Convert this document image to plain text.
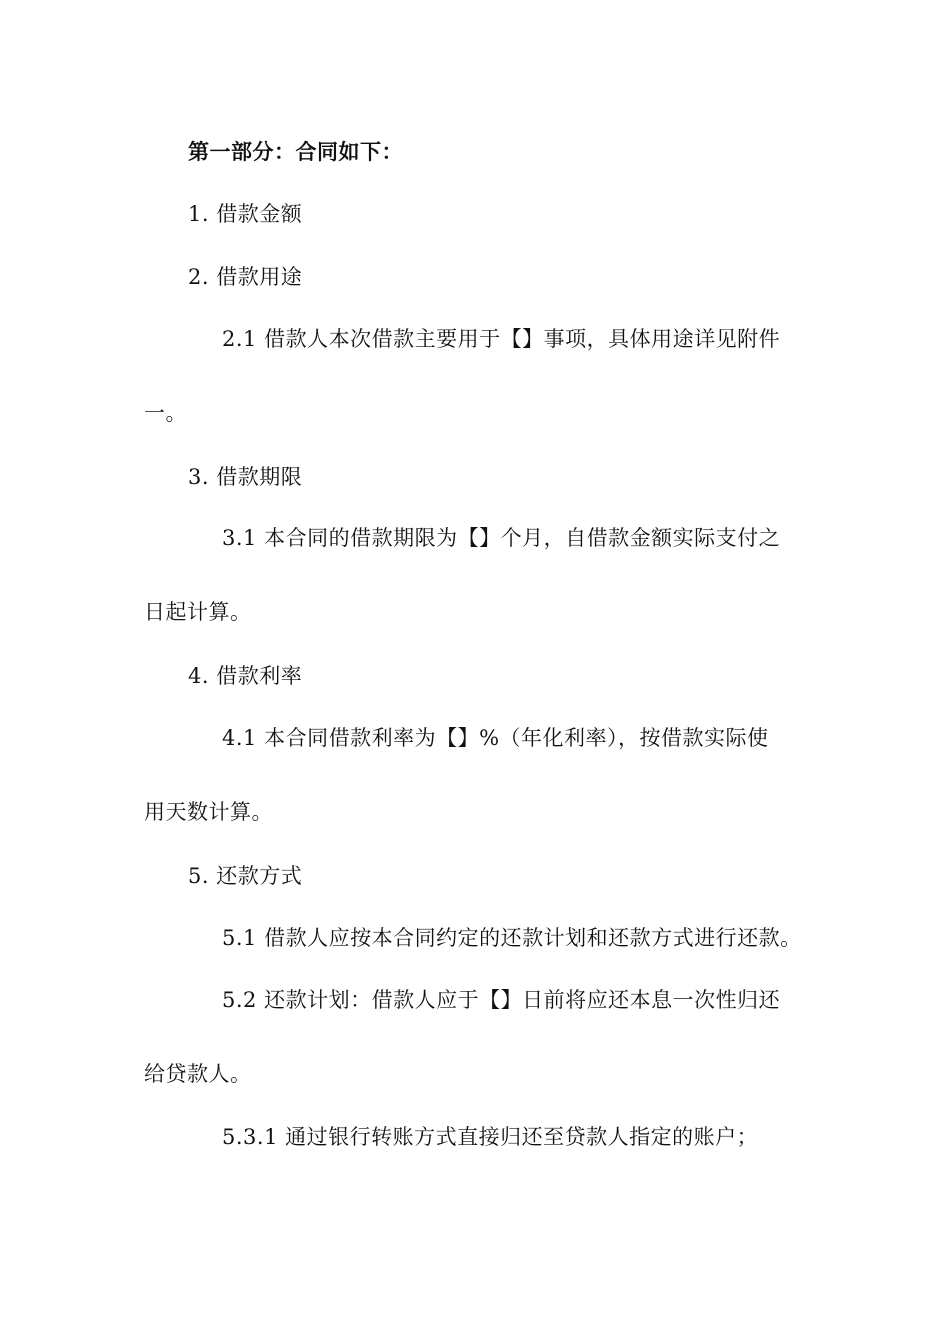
第一部分：合同如下：
1. 借款金额
2. 借款用途
2.1 借款人本次借款主要用于【】事项，具体用途详见附件
一。
3. 借款期限
3.1 本合同的借款期限为【】个月，自借款金额实际支付之
日起计算。
4. 借款利率
4.1 本合同借款利率为【】%（年化利率），按借款实际使
用天数计算。
5. 还款方式
5.1 借款人应按本合同约定的还款计划和还款方式进行还款。
5.2 还款计划：借款人应于【】日前将应还本息一次性归还
给贷款人。
5.3.1 通过银行转账方式直接归还至贷款人指定的账户；
